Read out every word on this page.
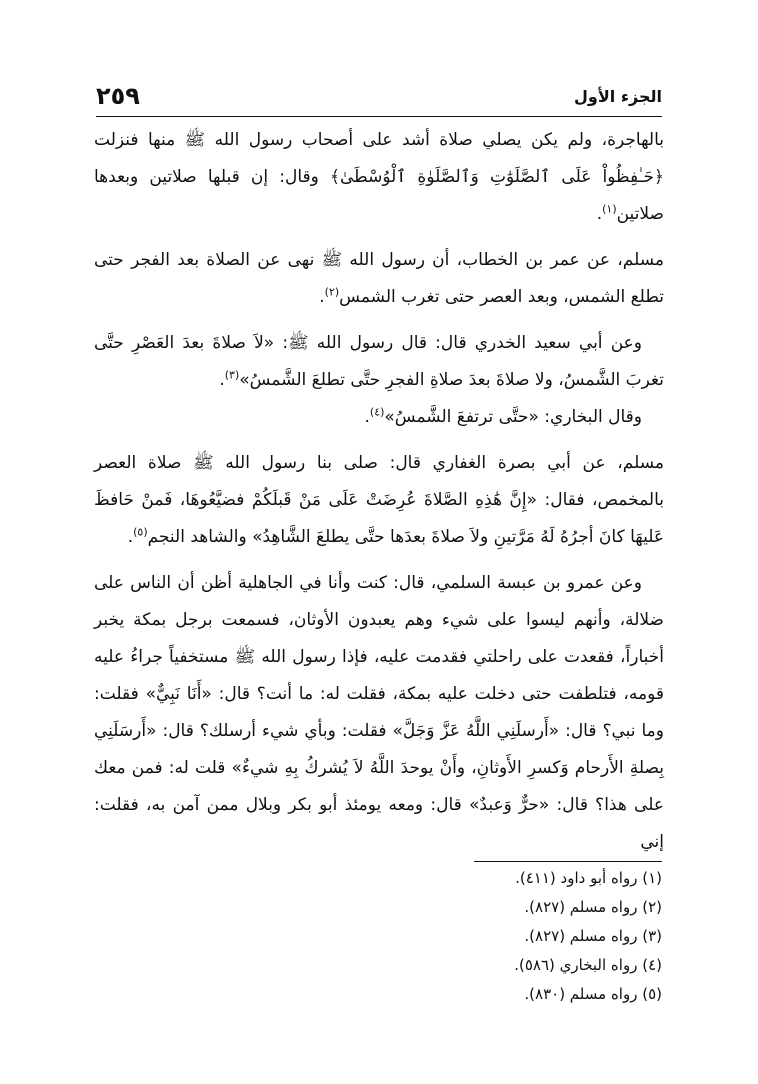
٢٥٩	الجزء الأول

بالهاجرة، ولم يكن يصلي صلاة أشد على أصحاب رسول الله ﷺ منها فنزلت ﴿حَـٰفِظُواْ عَلَى ٱلصَّلَوَٰتِ وَٱلصَّلَوٰةِ ٱلْوُسْطَىٰ﴾ وقال: إن قبلها صلاتين وبعدها صلاتين$^{(١)}$.

مسلم، عن عمر بن الخطاب، أن رسول الله ﷺ نهى عن الصلاة بعد الفجر حتى تطلع الشمس، وبعد العصر حتى تغرب الشمس$^{(٢)}$.

وعن أبي سعيد الخدري قال: قال رسول الله ﷺ: «لاَ صلاةَ بعدَ العَصْرِ حتَّى تغربَ الشَّمسُ، ولا صلاةَ بعدَ صلاةِ الفجرِ حتَّى تطلعَ الشَّمسُ»$^{(٣)}$.

وقال البخاري: «حتَّى ترتفعَ الشَّمسُ»$^{(٤)}$.

مسلم، عن أبي بصرة الغفاري قال: صلى بنا رسول الله ﷺ صلاة العصر بالمخمص، فقال: «إِنَّ هَٰذِهِ الصَّلاةَ عُرِضَتْ عَلَى مَنْ قَبلَكُمْ فضيَّعُوهَا، فَمنْ حَافظَ عَليهَا كانَ أجرُهُ لَهُ مَرَّتينِ ولاَ صلاةَ بعدَها حتَّى يطلعَ الشَّاهِدُ» والشاهد النجم$^{(٥)}$.

وعن عمرو بن عبسة السلمي، قال: كنت وأنا في الجاهلية أظن أن الناس على ضلالة، وأنهم ليسوا على شيء وهم يعبدون الأوثان، فسمعت برجل بمكة يخبر أخباراً، فقعدت على راحلتي فقدمت عليه، فإذا رسول الله ﷺ مستخفياً جراءُ عليه قومه، فتلطفت حتى دخلت عليه بمكة، فقلت له: ما أنت؟ قال: «أَنَا نَبِيٌّ» فقلت: وما نبي؟ قال: «أَرسلَنِي اللَّهُ عَزَّ وَجَلَّ» فقلت: وبأي شيء أرسلك؟ قال: «أَرسَلَنِي بِصلةِ الأَرحام وَكسرِ الأَوثانِ، وأَنْ يوحدَ اللَّهُ لاَ يُشركُ بِهِ شيءٌ» قلت له: فمن معك على هذا؟ قال: «حرٌّ وَعبدٌ» قال: ومعه يومئذ أبو بكر وبلال ممن آمن به، فقلت: إني

(١) رواه أبو داود (٤١١).
(٢) رواه مسلم (٨٢٧).
(٣) رواه مسلم (٨٢٧).
(٤) رواه البخاري (٥٨٦).
(٥) رواه مسلم (٨٣٠).
